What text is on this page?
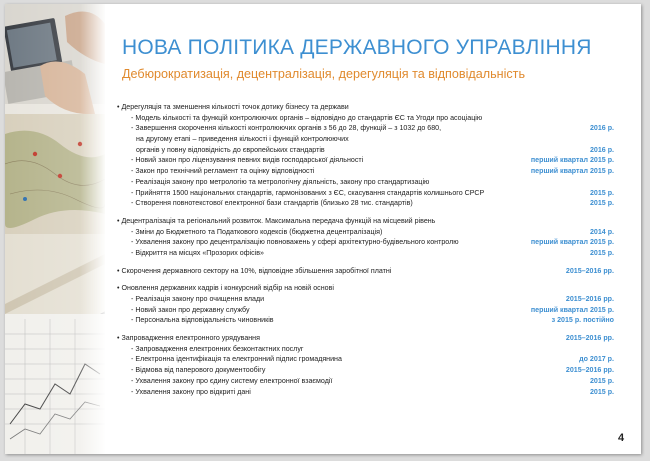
НОВА ПОЛІТИКА ДЕРЖАВНОГО УПРАВЛІННЯ
Дебюрократизація, децентралізація, дерегуляція та відповідальність
• Дерегуляція та зменшення кількості точок дотику бізнесу та держави
- Модель кількості та функцій контролюючих органів – відповідно до стандартів ЄС та Угоди про асоціацію
- Завершення скорочення кількості контролюючих органів з 56 до 28, функцій – з 1032 до 680,	2016 р.
на другому етапі – приведення кількості і функцій контролюючих
органів у повну відповідність до європейських стандартів	2016 р.
- Новий закон про ліцензування певних видів господарської діяльності	перший квартал 2015 р.
- Закон про технічний регламент та оцінку відповідності	перший квартал 2015 р.
- Реалізація закону про метрологію та метрологічну діяльність, закону про стандартизацію
- Прийняття 1500 національних стандартів, гармонізованих з ЄС, скасування стандартів колишнього СРСР	2015 р.
- Створення повнотекстової електронної бази стандартів (близько 28 тис. стандартів)	2015 р.
• Децентралізація та регіональний розвиток. Максимальна передача функцій на місцевий рівень
- Зміни до Бюджетного та Податкового кодексів (бюджетна децентралізація)	2014 р.
- Ухвалення закону про децентралізацію повноважень у сфері архітектурно-будівельного контролю	перший квартал 2015 р.
- Відкриття на місцях «Прозорих офісів»	2015 р.
• Скорочення державного сектору на 10%, відповідне збільшення заробітної платні	2015–2016 рр.
• Оновлення державних кадрів і конкурсний відбір на новій основі
- Реалізація закону про очищення влади	2015–2016 рр.
- Новий закон про державну службу	перший квартал 2015 р.
- Персональна відповідальність чиновників	з 2015 р. постійно
• Запровадження електронного урядування	2015–2016 рр.
- Запровадження електронних безконтактних послуг
- Електронна ідентифікація та електронний підпис громадянина	до 2017 р.
- Відмова від паперового документообігу	2015–2016 рр.
- Ухвалення закону про єдину систему електронної взаємодії	2015 р.
- Ухвалення закону про відкриті дані	2015 р.
4
